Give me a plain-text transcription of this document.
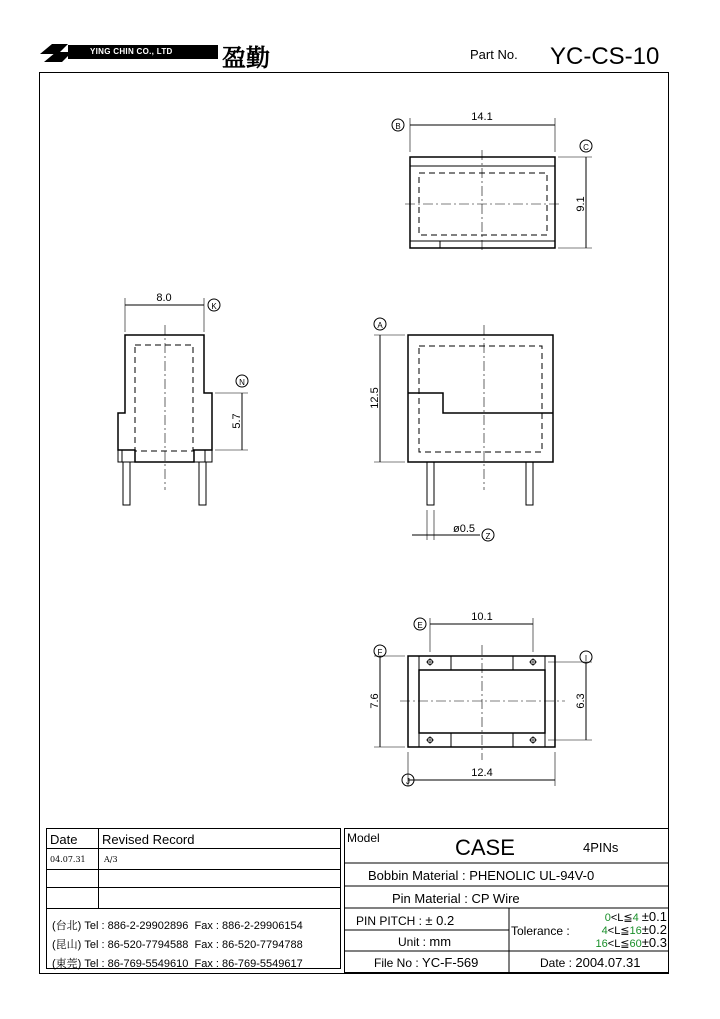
YING CHIN CO., LTD 盈勤	Part No. YC-CS-10
14.1
9.1
B
C
8.0
5.7
K
N
12.5
ø0.5
A
Z
10.1
12.4
7.6	6.3
E
F
I
J
Date Revised Record
04.07.31 A/3
(台北) Tel : 886-2-29902896 Fax : 886-2-29906154
(昆山) Tel : 86-520-7794588 Fax : 86-520-7794788
(東莞) Tel : 86-769-5549610 Fax : 86-769-5549617
Model	CASE	4PINs
Bobbin Material : PHENOLIC UL-94V-0
Pin Material : CP Wire
PIN PITCH : ± 0.2
Unit : mm
File No : YC-F-569
Tolerance :
0<L≦4 ±0.1
4<L≦16±0.2
16<L≦60±0.3
Date : 2004.07.31
